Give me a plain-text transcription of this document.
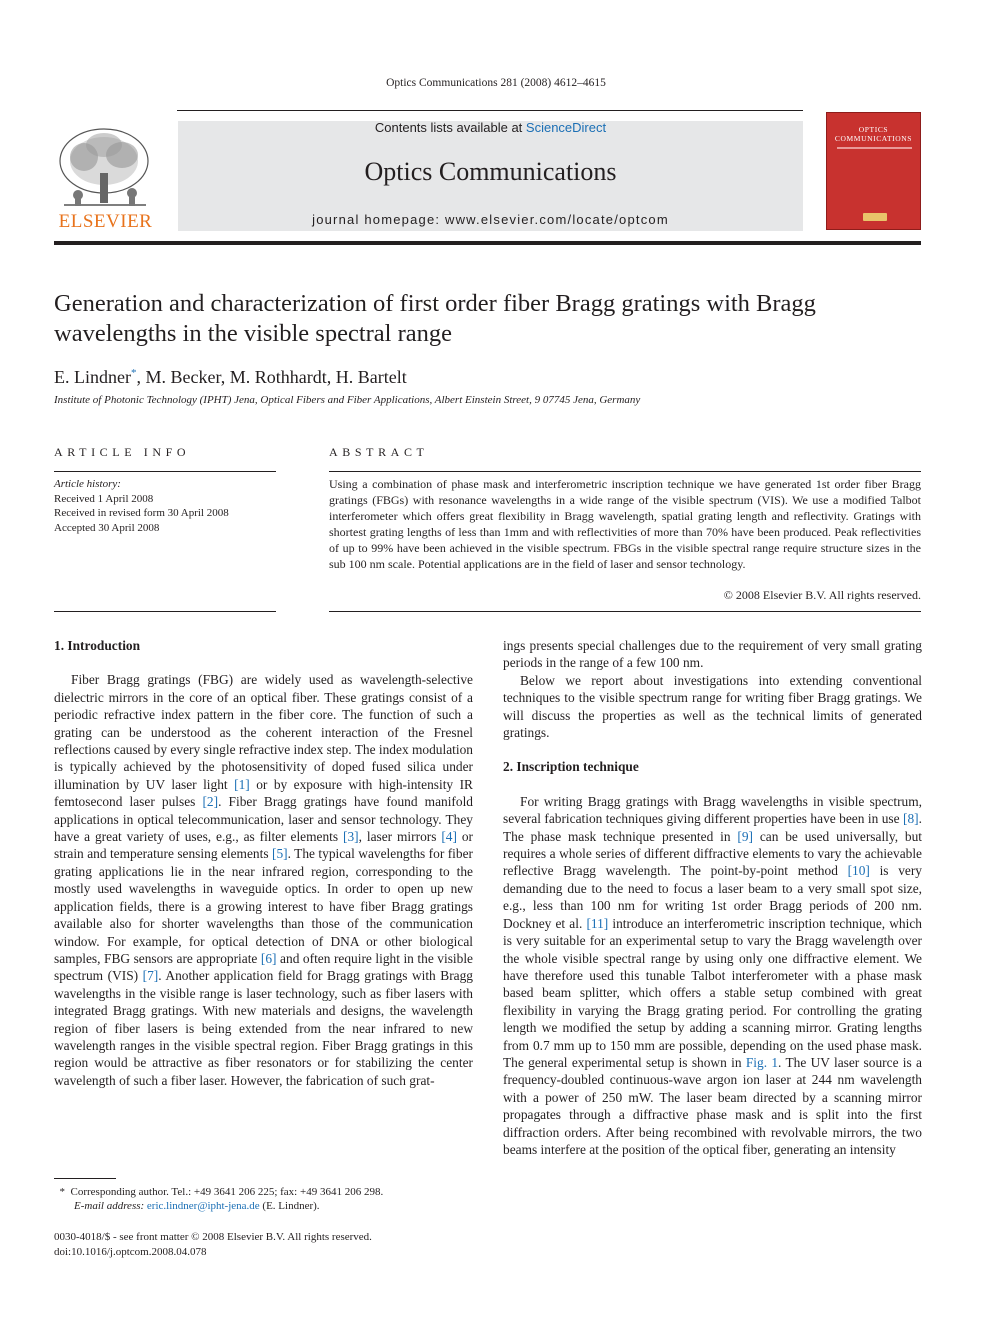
Optics Communications 281 (2008) 4612–4615
ELSEVIER
Contents lists available at ScienceDirect
Optics Communications
journal homepage: www.elsevier.com/locate/optcom
OPTICS COMMUNICATIONS
Generation and characterization of first order fiber Bragg gratings with Bragg wavelengths in the visible spectral range
E. Lindner*, M. Becker, M. Rothhardt, H. Bartelt
Institute of Photonic Technology (IPHT) Jena, Optical Fibers and Fiber Applications, Albert Einstein Street, 9 07745 Jena, Germany
ARTICLE INFO	ABSTRACT
Article history:
Received 1 April 2008
Received in revised form 30 April 2008
Accepted 30 April 2008
Using a combination of phase mask and interferometric inscription technique we have generated 1st order fiber Bragg gratings (FBGs) with resonance wavelengths in a wide range of the visible spectrum (VIS). We use a modified Talbot interferometer which offers great flexibility in Bragg wavelength, spatial grating length and reflectivity. Gratings with shortest grating lengths of less than 1mm and with reflectivities of more than 70% have been produced. Peak reflectivities of up to 99% have been achieved in the visible spectrum. FBGs in the visible spectral range require structure sizes in the sub 100 nm scale. Potential applications are in the field of laser and sensor technology.
© 2008 Elsevier B.V. All rights reserved.
1. Introduction

Fiber Bragg gratings (FBG) are widely used as wavelength-selective dielectric mirrors in the core of an optical fiber. These gratings consist of a periodic refractive index pattern in the fiber core. The function of such a grating can be understood as the coherent interaction of the Fresnel reflections caused by every single refractive index step. The index modulation is typically achieved by the photosensitivity of doped fused silica under illumination by UV laser light [1] or by exposure with high-intensity IR femtosecond laser pulses [2]. Fiber Bragg gratings have found manifold applications in optical telecommunication, laser and sensor technology. They have a great variety of uses, e.g., as filter elements [3], laser mirrors [4] or strain and temperature sensing elements [5]. The typical wavelengths for fiber grating applications lie in the near infrared region, corresponding to the mostly used wavelengths in waveguide optics. In order to open up new application fields, there is a growing interest to have fiber Bragg gratings available also for shorter wavelengths than those of the communication window. For example, for optical detection of DNA or other biological samples, FBG sensors are appropriate [6] and often require light in the visible spectrum (VIS) [7]. Another application field for Bragg gratings with Bragg wavelengths in the visible range is laser technology, such as fiber lasers with integrated Bragg gratings. With new materials and designs, the wavelength region of fiber lasers is being extended from the near infrared to new wavelength ranges in the visible spectral region. Fiber Bragg gratings in this region would be attractive as fiber resonators or for stabilizing the center wavelength of such a fiber laser. However, the fabrication of such grat-

ings presents special challenges due to the requirement of very small grating periods in the range of a few 100 nm.

Below we report about investigations into extending conventional techniques to the visible spectrum range for writing fiber Bragg gratings. We will discuss the properties as well as the technical limits of generated gratings.

2. Inscription technique

For writing Bragg gratings with Bragg wavelengths in visible spectrum, several fabrication techniques giving different properties have been in use [8]. The phase mask technique presented in [9] can be used universally, but requires a whole series of different diffractive elements to vary the achievable reflective Bragg wavelength. The point-by-point method [10] is very demanding due to the need to focus a laser beam to a very small spot size, e.g., less than 100 nm for writing 1st order Bragg periods of 200 nm. Dockney et al. [11] introduce an interferometric inscription technique, which is very suitable for an experimental setup to vary the Bragg wavelength over the whole visible spectral range by using only one diffractive element. We have therefore used this tunable Talbot interferometer with a phase mask based beam splitter, which offers a stable setup combined with great flexibility in varying the Bragg grating period. For controlling the grating length we modified the setup by adding a scanning mirror. Grating lengths from 0.7 mm up to 150 mm are possible, depending on the used phase mask. The general experimental setup is shown in Fig. 1. The UV laser source is a frequency-doubled continuous-wave argon ion laser at 244 nm wavelength with a power of 250 mW. The laser beam directed by a scanning mirror propagates through a diffractive phase mask and is split into the first diffraction orders. After being recombined with revolvable mirrors, the two beams interfere at the position of the optical fiber, generating an intensity

* Corresponding author. Tel.: +49 3641 206 225; fax: +49 3641 206 298.
E-mail address: eric.lindner@ipht-jena.de (E. Lindner).
0030-4018/$ - see front matter © 2008 Elsevier B.V. All rights reserved.
doi:10.1016/j.optcom.2008.04.078
